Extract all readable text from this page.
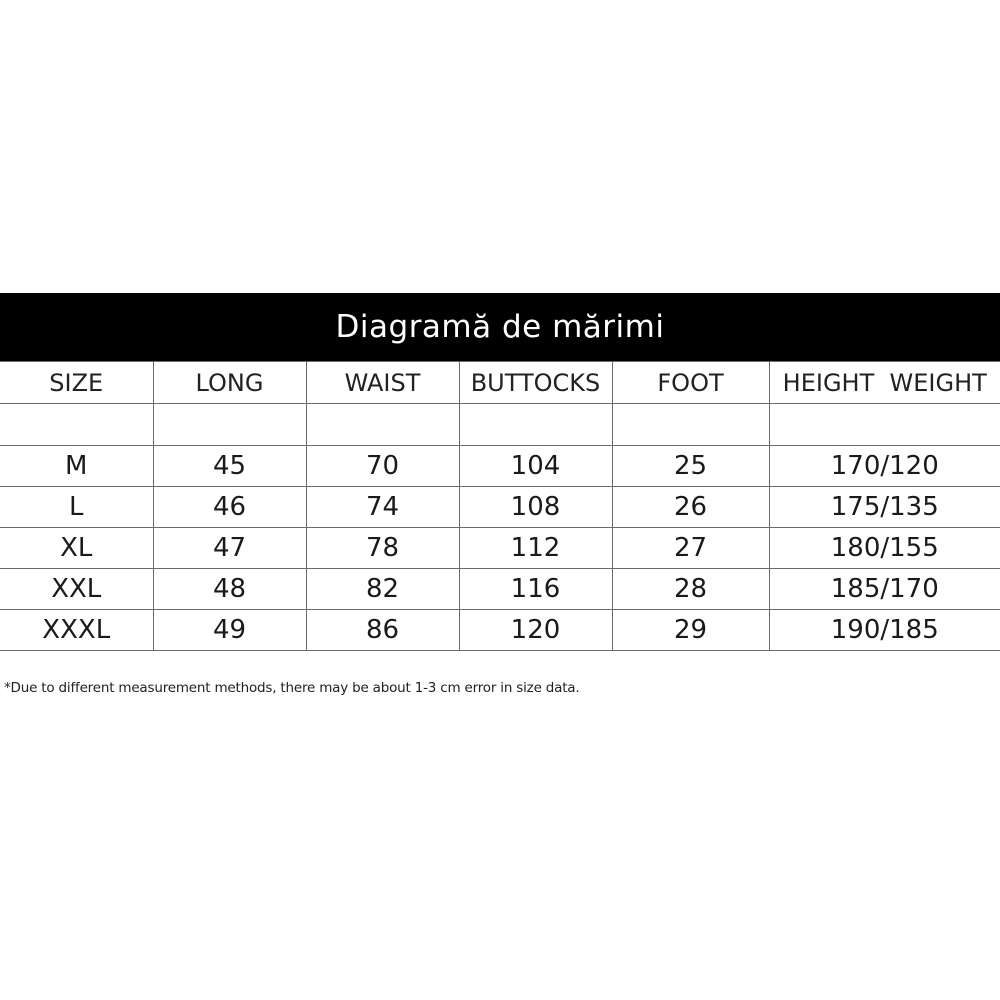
Diagramă de mărimi
SIZE	LONG	WAIST	BUTTOCKS	FOOT	HEIGHT  WEIGHT

M	45	70	104	25	170/120
L	46	74	108	26	175/135
XL	47	78	112	27	180/155
XXL	48	82	116	28	185/170
XXXL	49	86	120	29	190/185
*Due to different measurement methods, there may be about 1-3 cm error in size data.
